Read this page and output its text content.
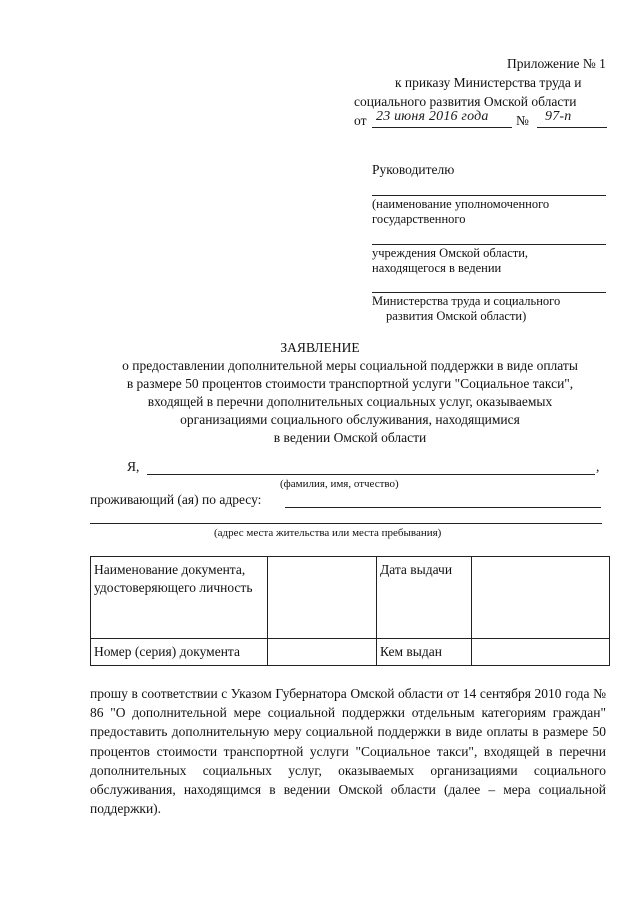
Приложение № 1
к приказу Министерства труда и
социального развития Омской области
от 23 июня 2016 года № 97-п
Руководителю
(наименование уполномоченного
государственного
учреждения Омской области,
находящегося в ведении
Министерства труда и социального
развития Омской области)
ЗАЯВЛЕНИЕ
о предоставлении дополнительной меры социальной поддержки в виде оплаты
в размере 50 процентов стоимости транспортной услуги "Социальное такси",
входящей в перечни дополнительных социальных услуг, оказываемых
организациями социального обслуживания, находящимися
в ведении Омской области
Я,	,
(фамилия, имя, отчество)
проживающий (ая) по адресу:
(адрес места жительства или места пребывания)
Наименование документа, удостоверяющего личность		Дата выдачи	
Номер (серия) документа		Кем выдан	
прошу в соответствии с Указом Губернатора Омской области от 14 сентября 2010 года № 86 "О дополнительной мере социальной поддержки отдельным категориям граждан" предоставить дополнительную меру социальной поддержки в виде оплаты в размере 50 процентов стоимости транспортной услуги "Социальное такси", входящей в перечни дополнительных социальных услуг, оказываемых организациями социального обслуживания, находящимся в ведении Омской области (далее – мера социальной поддержки).
